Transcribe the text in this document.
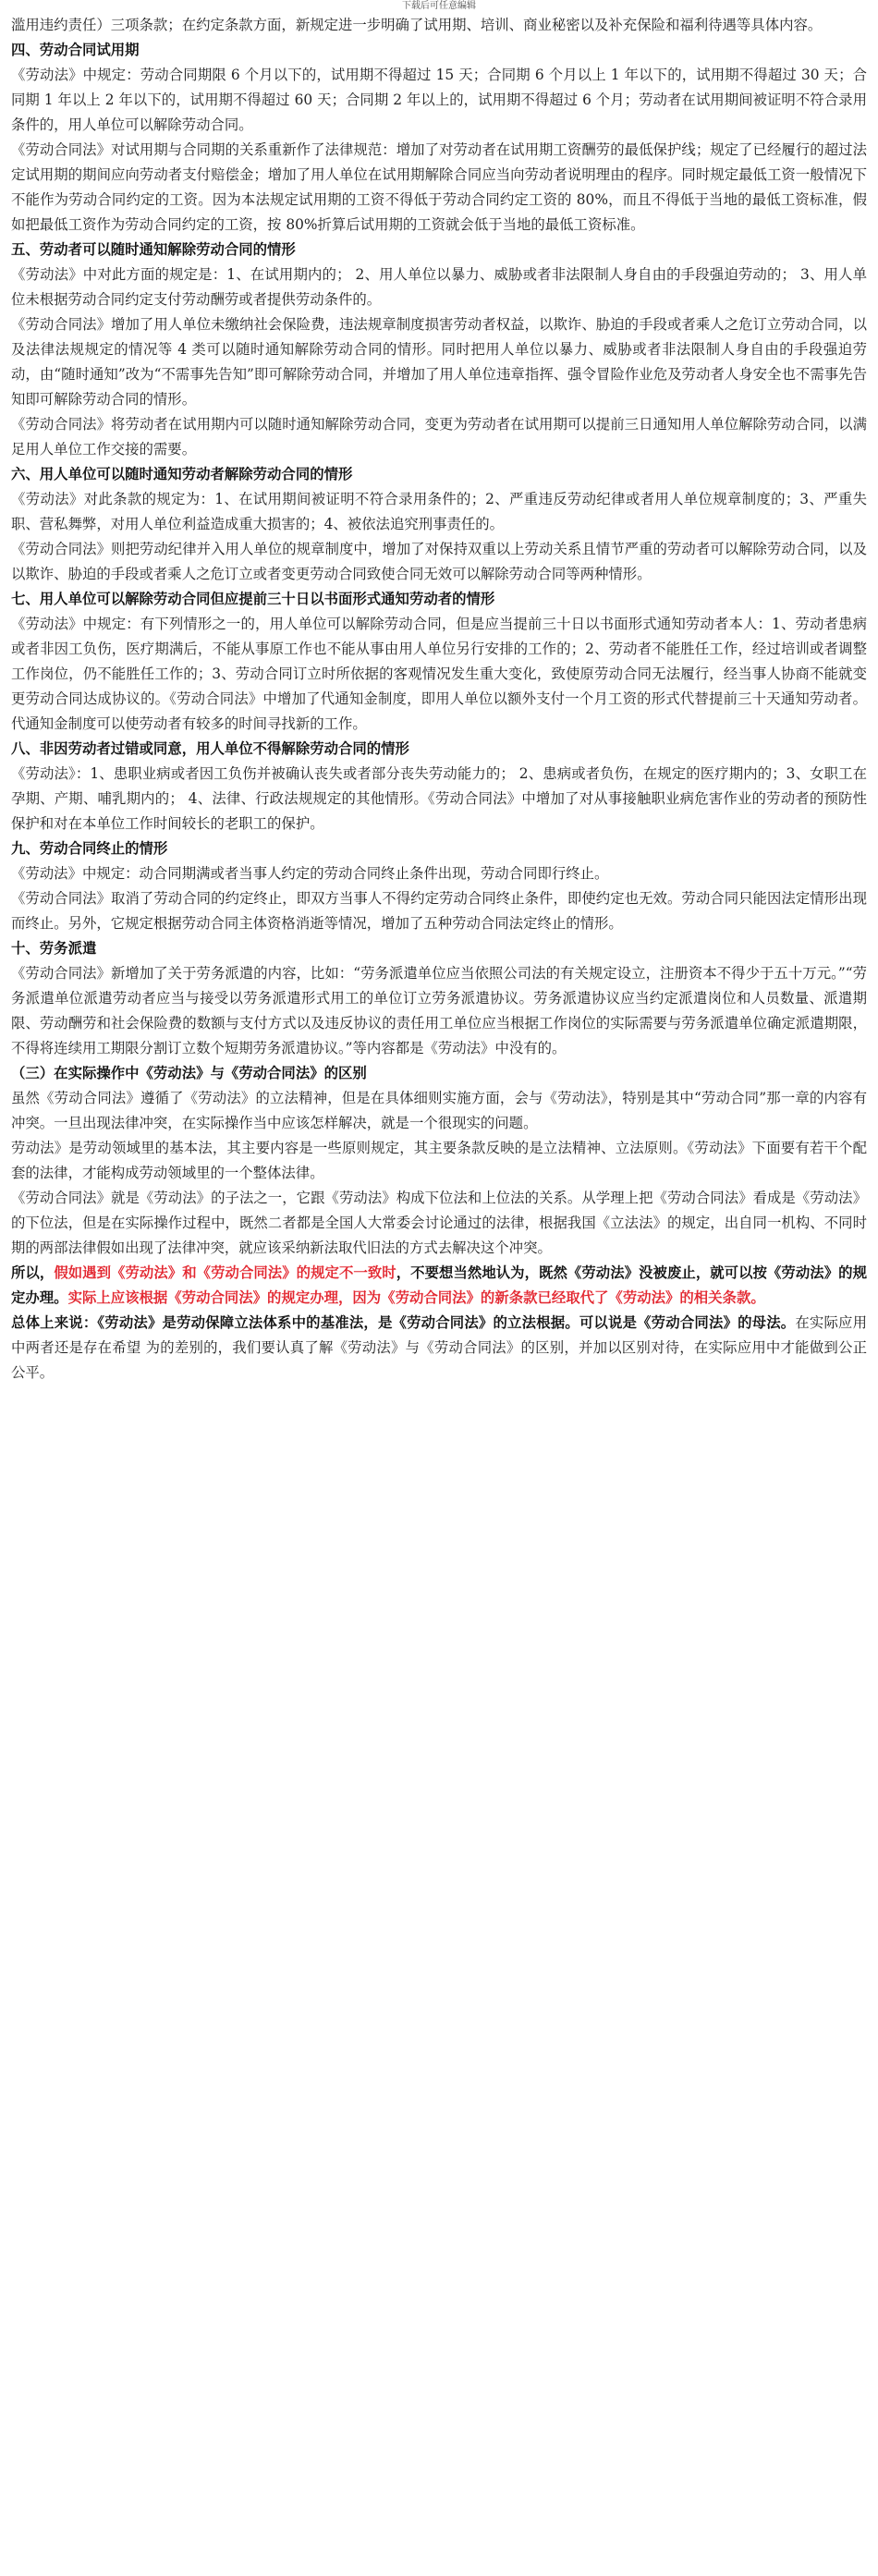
下载后可任意编辑

滥用违约责任）三项条款；在约定条款方面，新规定进一步明确了试用期、培训、商业秘密以及补充保险和福利待遇等具体内容。

四、劳动合同试用期

《劳动法》中规定：劳动合同期限 6 个月以下的，试用期不得超过 15 天；合同期 6 个月以上 1 年以下的，试用期不得超过 30 天；合同期 1 年以上 2 年以下的，试用期不得超过 60 天；合同期 2 年以上的，试用期不得超过 6 个月；劳动者在试用期间被证明不符合录用条件的，用人单位可以解除劳动合同。

《劳动合同法》对试用期与合同期的关系重新作了法律规范：增加了对劳动者在试用期工资酬劳的最低保护线；规定了已经履行的超过法定试用期的期间应向劳动者支付赔偿金；增加了用人单位在试用期解除合同应当向劳动者说明理由的程序。同时规定最低工资一般情况下不能作为劳动合同约定的工资。因为本法规定试用期的工资不得低于劳动合同约定工资的 80%，而且不得低于当地的最低工资标准，假如把最低工资作为劳动合同约定的工资，按 80%折算后试用期的工资就会低于当地的最低工资标准。

五、劳动者可以随时通知解除劳动合同的情形

《劳动法》中对此方面的规定是：1、在试用期内的； 2、用人单位以暴力、威胁或者非法限制人身自由的手段强迫劳动的； 3、用人单位未根据劳动合同约定支付劳动酬劳或者提供劳动条件的。

《劳动合同法》增加了用人单位未缴纳社会保险费，违法规章制度损害劳动者权益，以欺诈、胁迫的手段或者乘人之危订立劳动合同，以及法律法规规定的情况等 4 类可以随时通知解除劳动合同的情形。同时把用人单位以暴力、威胁或者非法限制人身自由的手段强迫劳动，由“随时通知”改为“不需事先告知”即可解除劳动合同，并增加了用人单位违章指挥、强令冒险作业危及劳动者人身安全也不需事先告知即可解除劳动合同的情形。

《劳动合同法》将劳动者在试用期内可以随时通知解除劳动合同，变更为劳动者在试用期可以提前三日通知用人单位解除劳动合同，以满足用人单位工作交接的需要。

六、用人单位可以随时通知劳动者解除劳动合同的情形

《劳动法》对此条款的规定为：1、在试用期间被证明不符合录用条件的；2、严重违反劳动纪律或者用人单位规章制度的；3、严重失职、营私舞弊，对用人单位利益造成重大损害的；4、被依法追究刑事责任的。

《劳动合同法》则把劳动纪律并入用人单位的规章制度中，增加了对保持双重以上劳动关系且情节严重的劳动者可以解除劳动合同，以及以欺诈、胁迫的手段或者乘人之危订立或者变更劳动合同致使合同无效可以解除劳动合同等两种情形。

七、用人单位可以解除劳动合同但应提前三十日以书面形式通知劳动者的情形

《劳动法》中规定：有下列情形之一的，用人单位可以解除劳动合同，但是应当提前三十日以书面形式通知劳动者本人：1、劳动者患病或者非因工负伤，医疗期满后，不能从事原工作也不能从事由用人单位另行安排的工作的；2、劳动者不能胜任工作，经过培训或者调整工作岗位，仍不能胜任工作的；3、劳动合同订立时所依据的客观情况发生重大变化，致使原劳动合同无法履行，经当事人协商不能就变更劳动合同达成协议的。《劳动合同法》中增加了代通知金制度，即用人单位以额外支付一个月工资的形式代替提前三十天通知劳动者。代通知金制度可以使劳动者有较多的时间寻找新的工作。

八、非因劳动者过错或同意，用人单位不得解除劳动合同的情形

《劳动法》：1、患职业病或者因工负伤并被确认丧失或者部分丧失劳动能力的； 2、患病或者负伤，在规定的医疗期内的；3、女职工在孕期、产期、哺乳期内的； 4、法律、行政法规规定的其他情形。《劳动合同法》中增加了对从事接触职业病危害作业的劳动者的预防性保护和对在本单位工作时间较长的老职工的保护。

九、劳动合同终止的情形

《劳动法》中规定：动合同期满或者当事人约定的劳动合同终止条件出现，劳动合同即行终止。

《劳动合同法》取消了劳动合同的约定终止，即双方当事人不得约定劳动合同终止条件，即使约定也无效。劳动合同只能因法定情形出现而终止。另外，它规定根据劳动合同主体资格消逝等情况，增加了五种劳动合同法定终止的情形。

十、劳务派遣

《劳动合同法》新增加了关于劳务派遣的内容，比如：“劳务派遣单位应当依照公司法的有关规定设立，注册资本不得少于五十万元。”“劳务派遣单位派遣劳动者应当与接受以劳务派遣形式用工的单位订立劳务派遣协议。劳务派遣协议应当约定派遣岗位和人员数量、派遣期限、劳动酬劳和社会保险费的数额与支付方式以及违反协议的责任用工单位应当根据工作岗位的实际需要与劳务派遣单位确定派遣期限，不得将连续用工期限分割订立数个短期劳务派遣协议。”等内容都是《劳动法》中没有的。

（三）在实际操作中《劳动法》与《劳动合同法》的区别

虽然《劳动合同法》遵循了《劳动法》的立法精神，但是在具体细则实施方面，会与《劳动法》，特别是其中“劳动合同”那一章的内容有冲突。一旦出现法律冲突，在实际操作当中应该怎样解决，就是一个很现实的问题。

劳动法》是劳动领域里的基本法，其主要内容是一些原则规定，其主要条款反映的是立法精神、立法原则。《劳动法》下面要有若干个配套的法律，才能构成劳动领域里的一个整体法律。

《劳动合同法》就是《劳动法》的子法之一，它跟《劳动法》构成下位法和上位法的关系。从学理上把《劳动合同法》看成是《劳动法》的下位法，但是在实际操作过程中，既然二者都是全国人大常委会讨论通过的法律，根据我国《立法法》的规定，出自同一机构、不同时期的两部法律假如出现了法律冲突，就应该采纳新法取代旧法的方式去解决这个冲突。

所以，假如遇到《劳动法》和《劳动合同法》的规定不一致时，不要想当然地认为，既然《劳动法》没被废止，就可以按《劳动法》的规定办理。实际上应该根据《劳动合同法》的规定办理，因为《劳动合同法》的新条款已经取代了《劳动法》的相关条款。

总体上来说：《劳动法》是劳动保障立法体系中的基准法，是《劳动合同法》的立法根据。可以说是《劳动合同法》的母法。在实际应用中两者还是存在希望 为的差别的，我们要认真了解《劳动法》与《劳动合同法》的区别，并加以区别对待，在实际应用中才能做到公正公平。
